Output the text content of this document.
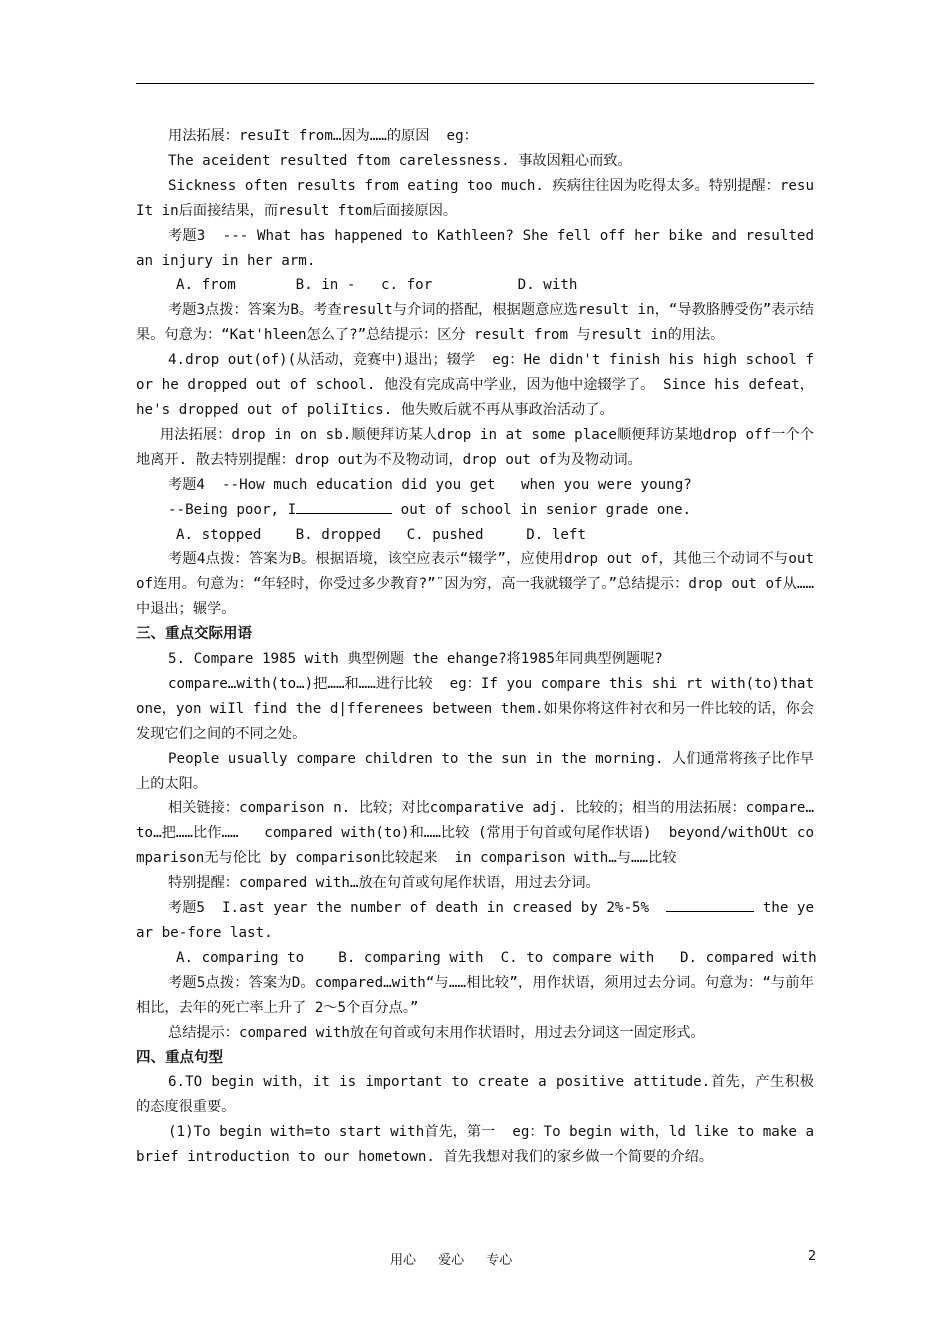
用法拓展：resuIt from…因为……的原因  eg：

The aceident resulted ftom carelessness. 事故因粗心而致。

Sickness often results from eating too much. 疾病往往因为吃得太多。特别提醒：resuIt in后面接结果，而result ftom后面接原因。

考题3  --- What has happened to Kathleen? She fell off her bike and resulted an injury in her arm.

A. from       B. in -   c. for          D. with

考题3点拨：答案为B。考查result与介词的搭配，根据题意应选result in，“导教胳膊受伤”表示结果。句意为：“Kat'hleen怎么了?”总结提示：区分 result from 与result in的用法。

4.drop out(of)(从活动，竞赛中)退出；辍学  eg：He didn't finish his high school for he dropped out of school. 他没有完成高中学业，因为他中途辍学了。 Since his defeat，he's dropped out of poliItics. 他失败后就不再从事政治活动了。

用法拓展：drop in on sb.顺便拜访某人drop in at some place顺便拜访某地drop off一个个地离开. 散去特别提醒：drop out为不及物动词，drop out of为及物动词。

考题4  --How much education did you get   when you were young?

--Being poor, I	out of school in senior grade one.

A. stopped    B. dropped   C. pushed     D. left

考题4点拨：答案为B。根据语境，该空应表示“辍学”，应使用drop out of，其他三个动词不与out of连用。句意为：“年轻时，你受过多少教育?”¨因为穷，高一我就辍学了。”总结提示：drop out of从……中退出；辗学。

三、重点交际用语

5. Compare 1985 with 典型例题 the ehange?将1985年同典型例题呢?

compare…with(to…)把……和……进行比较  eg：If you compare this shi rt with(to)that one，yon wiIl find the d|fferenees between them.如果你将这件衬衣和另一件比较的话，你会发现它们之间的不同之处。

People usually compare children to the sun in the morning. 人们通常将孩子比作早上的太阳。

相关链接：comparison n. 比较；对比comparative adj. 比较的；相当的用法拓展：compare…to…把……比作……   compared with(to)和……比较 (常用于句首或句尾作状语)  beyond/withOUt comparison无与伦比 by comparison比较起来  in comparison with…与……比较

特别提醒：compared with…放在句首或句尾作状语，用过去分词。

考题5  I.ast year the number of death in creased by 2%-5%	the year be-fore last.

A. comparing to    B. comparing with  C. to compare with   D. compared with

考题5点拨：答案为D。compared…with“与……相比较”，用作状语，须用过去分词。句意为：“与前年相比，去年的死亡率上升了 2～5个百分点。”

总结提示：compared with放在句首或句末用作状语时，用过去分词这一固定形式。

四、重点句型

6.TO begin with，it is important to create a positive attitude.首先，产生积极的态度很重要。

(1)To begin with=to start with首先，第一  eg：To begin with，ld like to make a brief introduction to our hometown. 首先我想对我们的家乡做一个简要的介绍。

用心 爱心 专心	2
